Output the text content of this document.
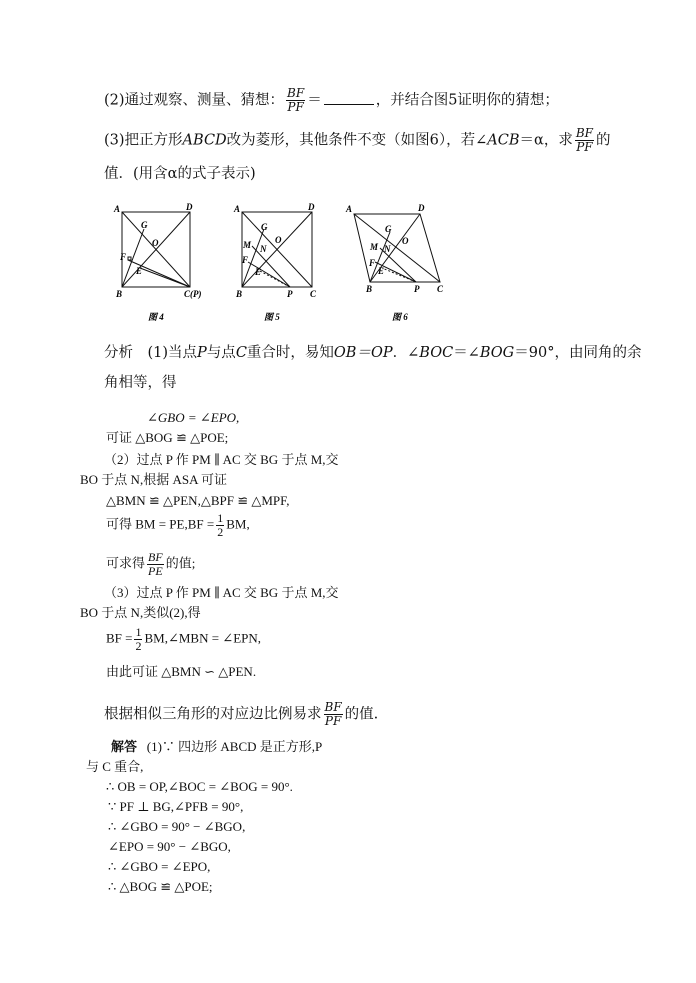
(2)通过观察、测量、猜想： $\frac{BF}{PF}$ ＝	，并结合图5证明你的猜想；
(3)把正方形ABCD改为菱形，其他条件不变（如图6），若∠ACB＝α，求 $\frac{BF}{PF}$ 的
值．(用含α的式子表示)
A	D
G
O
F
E
B	C(P)
图 4
A	D
G
M N
O
F
E
B	P C
图 5
A	D
G
M N
O
F
E
B	P C
图 6
分析　(1)当点P与点C重合时，易知OB＝OP．∠BOC＝∠BOG＝90°，由同角的余
角相等，得
∠GBO = ∠EPO,
可证 △BOG ≌ △POE;
（2）过点 P 作 PM ∥ AC 交 BG 于点 M,交
BO 于点 N,根据 ASA 可证
△BMN ≌ △PEN,△BPF ≌ △MPF,
可得 BM = $PE,BF = \frac{1}{2}$ BM,
可求得 $\frac{BF}{PE}$ 的值;
（3）过点 P 作 PM ∥ AC 交 BG 于点 M,交
BO 于点 N,类似(2),得
BF = $\frac{1}{2}$ BM,∠MBN = ∠EPN,
由此可证 △BMN ∽ △PEN.
根据相似三角形的对应边比例易求 $\frac{BF}{PF}$ 的值.
解答 (1)∵ 四边形 ABCD 是正方形,P
与 C 重合,
∴ OB = OP,∠BOC = ∠BOG = 90°.
∵ PF ⊥ BG,∠PFB = 90°,
∴ ∠GBO = 90° − ∠BGO,
∠EPO = 90° − ∠BGO,
∴ ∠GBO = ∠EPO,
∴ △BOG ≌ △POE;
